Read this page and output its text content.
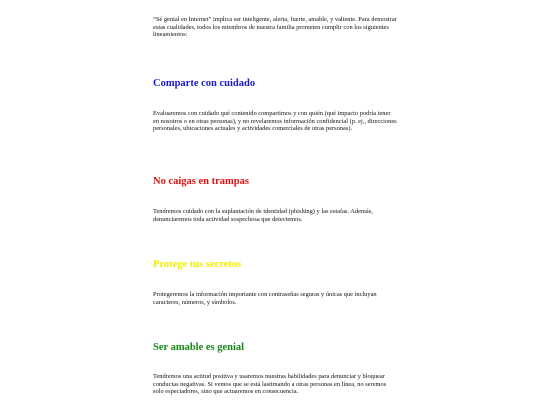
“Sé genial en Internet” implica ser inteligente, alerta, fuerte, amable, y valiente. Para demostrar estas cualidades, todos los miembros de nuestra familia prometen cumplir con los siguientes lineamientos:

Comparte con cuidado

Evaluaremos con cuidado qué contenido compartimos y con quién (qué impacto podría tener en nosotros o en otras personas), y no revelaremos información confidencial (p. ej., direcciones personales, ubicaciones actuales y actividades comerciales de otras personas).

No caigas en trampas

Tendremos cuidado con la suplantación de identidad (phishing) y las estafas. Además, denunciaremos toda actividad sospechosa que detectemos.

Protege tus secretos

Protegeremos la información importante con contraseñas seguras y únicas que incluyan caracteres, números, y símbolos.

Ser amable es genial

Tendremos una actitud positiva y usaremos nuestras habilidades para denunciar y bloquear conductas negativas. Si vemos que se está lastimando a otras personas en línea, no seremos solo espectadores, sino que actuaremos en consecuencia.
